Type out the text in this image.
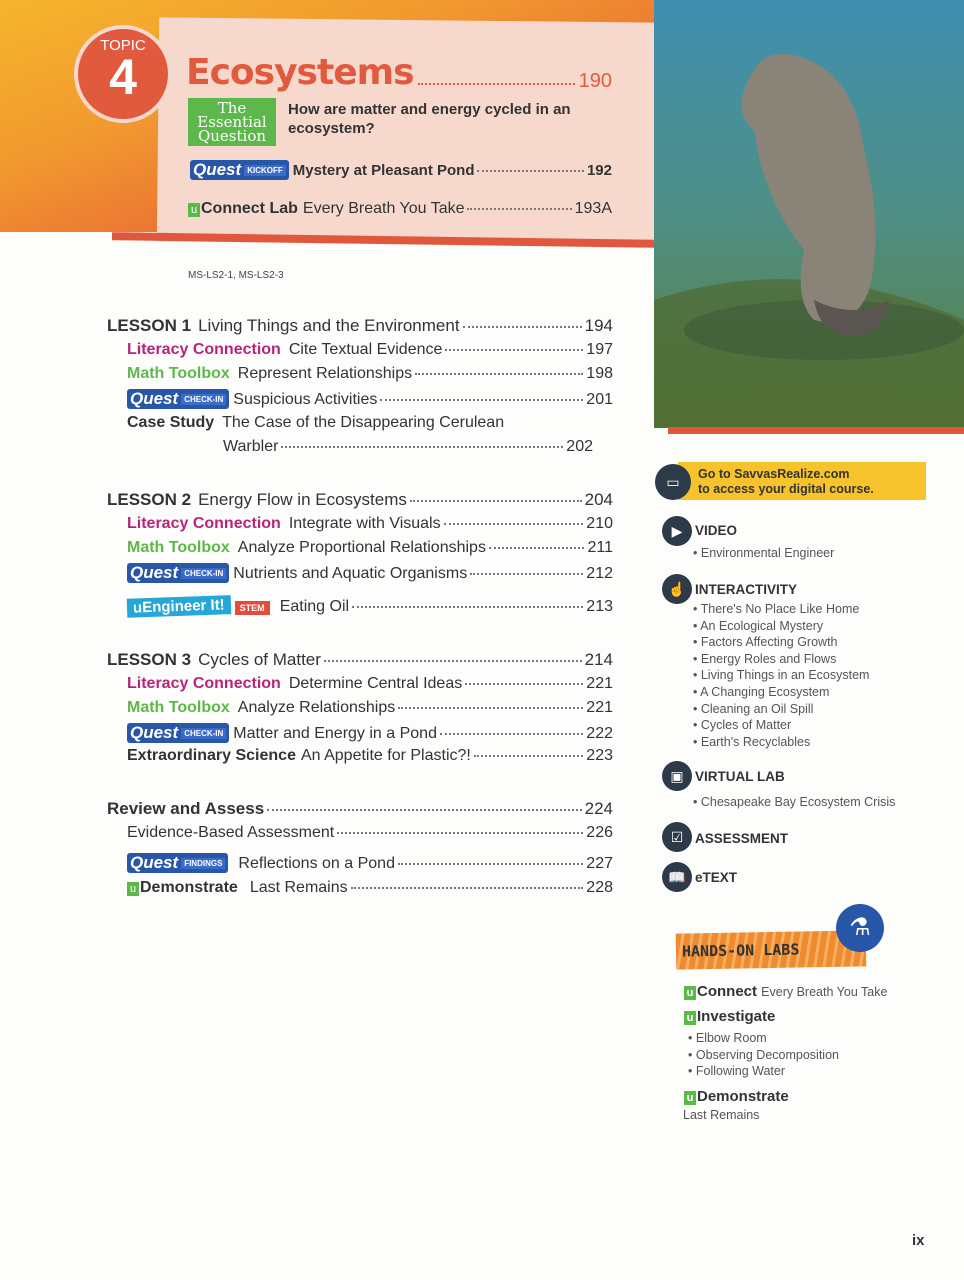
TOPIC
4	Ecosystems	190
The Essential Question
How are matter and energy cycled in an ecosystem?
Quest KICKOFF Mystery at Pleasant Pond	192
u Connect Lab Every Breath You Take	193A
MS-LS2-1, MS-LS2-3
LESSON 1 Living Things and the Environment	194
Literacy Connection Cite Textual Evidence	197
Math Toolbox Represent Relationships	198
Quest CHECK-IN Suspicious Activities	201
Case Study The Case of the Disappearing Cerulean
Warbler	202
LESSON 2 Energy Flow in Ecosystems	204
Literacy Connection Integrate with Visuals	210
Math Toolbox Analyze Proportional Relationships	211
Quest CHECK-IN Nutrients and Aquatic Organisms	212
uEngineer It!	STEM Eating Oil	213
LESSON 3 Cycles of Matter	214
Literacy Connection Determine Central Ideas	221
Math Toolbox Analyze Relationships	221
Quest CHECK-IN Matter and Energy in a Pond	222
Extraordinary Science An Appetite for Plastic?!	223
Review and Assess	224
Evidence-Based Assessment	226
Quest FINDINGS	Reflections on a Pond	227
u Demonstrate Last Remains	228
Go to SavvasRealize.com
to access your digital course.
▭
▶ VIDEO
• Environmental Engineer
☝ INTERACTIVITY
• There's No Place Like Home
• An Ecological Mystery
• Factors Affecting Growth
• Energy Roles and Flows
• Living Things in an Ecosystem
• A Changing Ecosystem
• Cleaning an Oil Spill
• Cycles of Matter
• Earth's Recyclables
▣ VIRTUAL LAB
• Chesapeake Bay Ecosystem Crisis
☑ ASSESSMENT
📖 eTEXT
HANDS-ON LABS
⚗
u Connect Every Breath You Take
u Investigate
• Elbow Room
• Observing Decomposition
• Following Water
u Demonstrate
Last Remains
ix
